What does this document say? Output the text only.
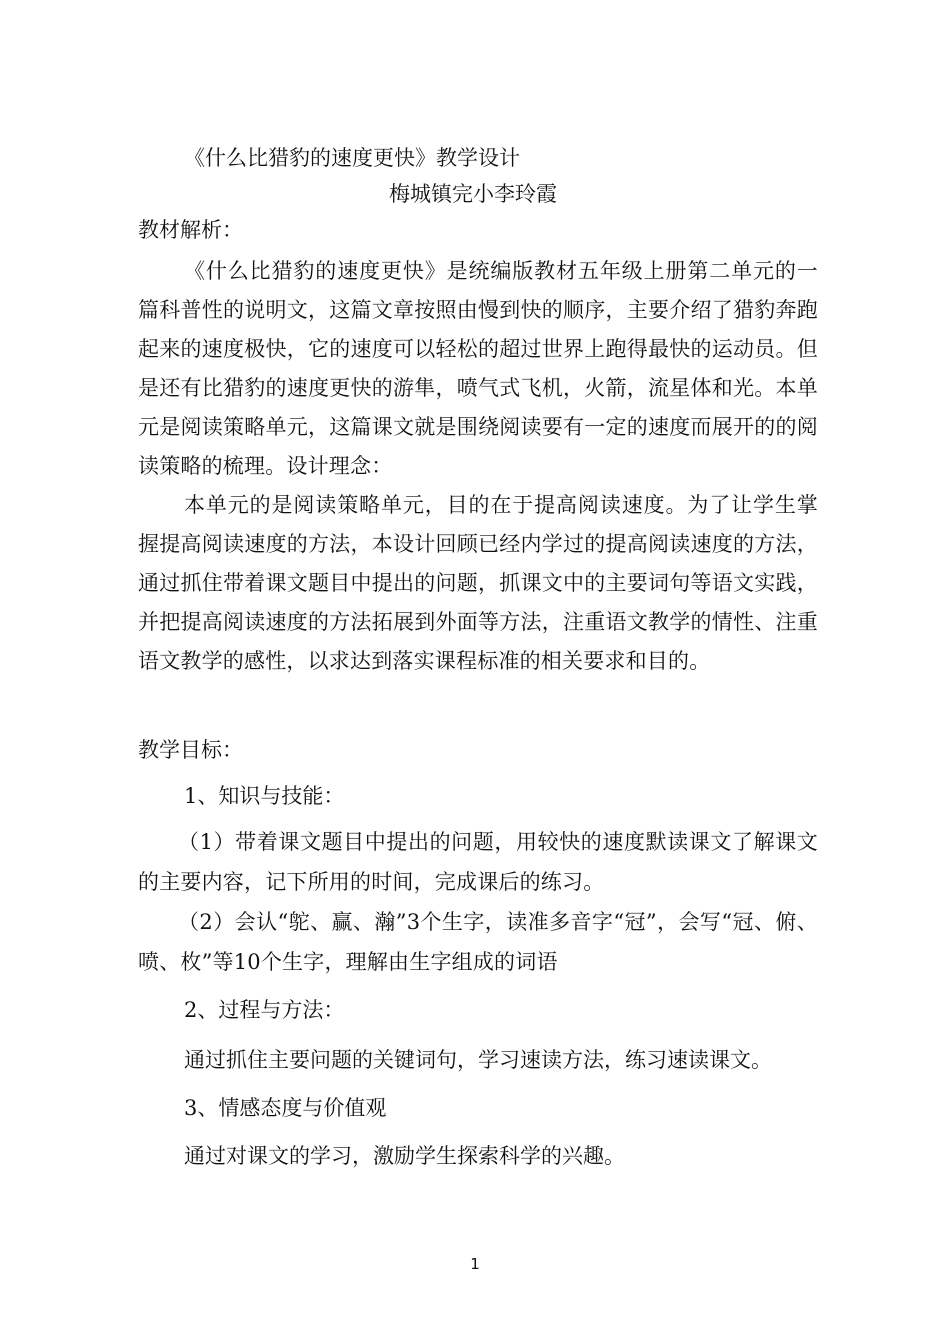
《什么比猎豹的速度更快》教学设计
梅城镇完小李玲霞
教材解析：
《什么比猎豹的速度更快》是统编版教材五年级上册第二单元的一篇科普性的说明文，这篇文章按照由慢到快的顺序，主要介绍了猎豹奔跑起来的速度极快，它的速度可以轻松的超过世界上跑得最快的运动员。但是还有比猎豹的速度更快的游隼，喷气式飞机，火箭，流星体和光。本单元是阅读策略单元，这篇课文就是围绕阅读要有一定的速度而展开的的阅读策略的梳理。设计理念：
本单元的是阅读策略单元，目的在于提高阅读速度。为了让学生掌握提高阅读速度的方法，本设计回顾已经内学过的提高阅读速度的方法，通过抓住带着课文题目中提出的问题，抓课文中的主要词句等语文实践，并把提高阅读速度的方法拓展到外面等方法，注重语文教学的情性、注重语文教学的感性，以求达到落实课程标准的相关要求和目的。
教学目标：
1、知识与技能：
（1）带着课文题目中提出的问题，用较快的速度默读课文了解课文的主要内容，记下所用的时间，完成课后的练习。
（2）会认“鸵、赢、瀚”3个生字，读准多音字“冠”，会写“冠、俯、喷、枚”等10个生字，理解由生字组成的词语
2、过程与方法：
通过抓住主要问题的关键词句，学习速读方法，练习速读课文。
3、情感态度与价值观
通过对课文的学习，激励学生探索科学的兴趣。
1
